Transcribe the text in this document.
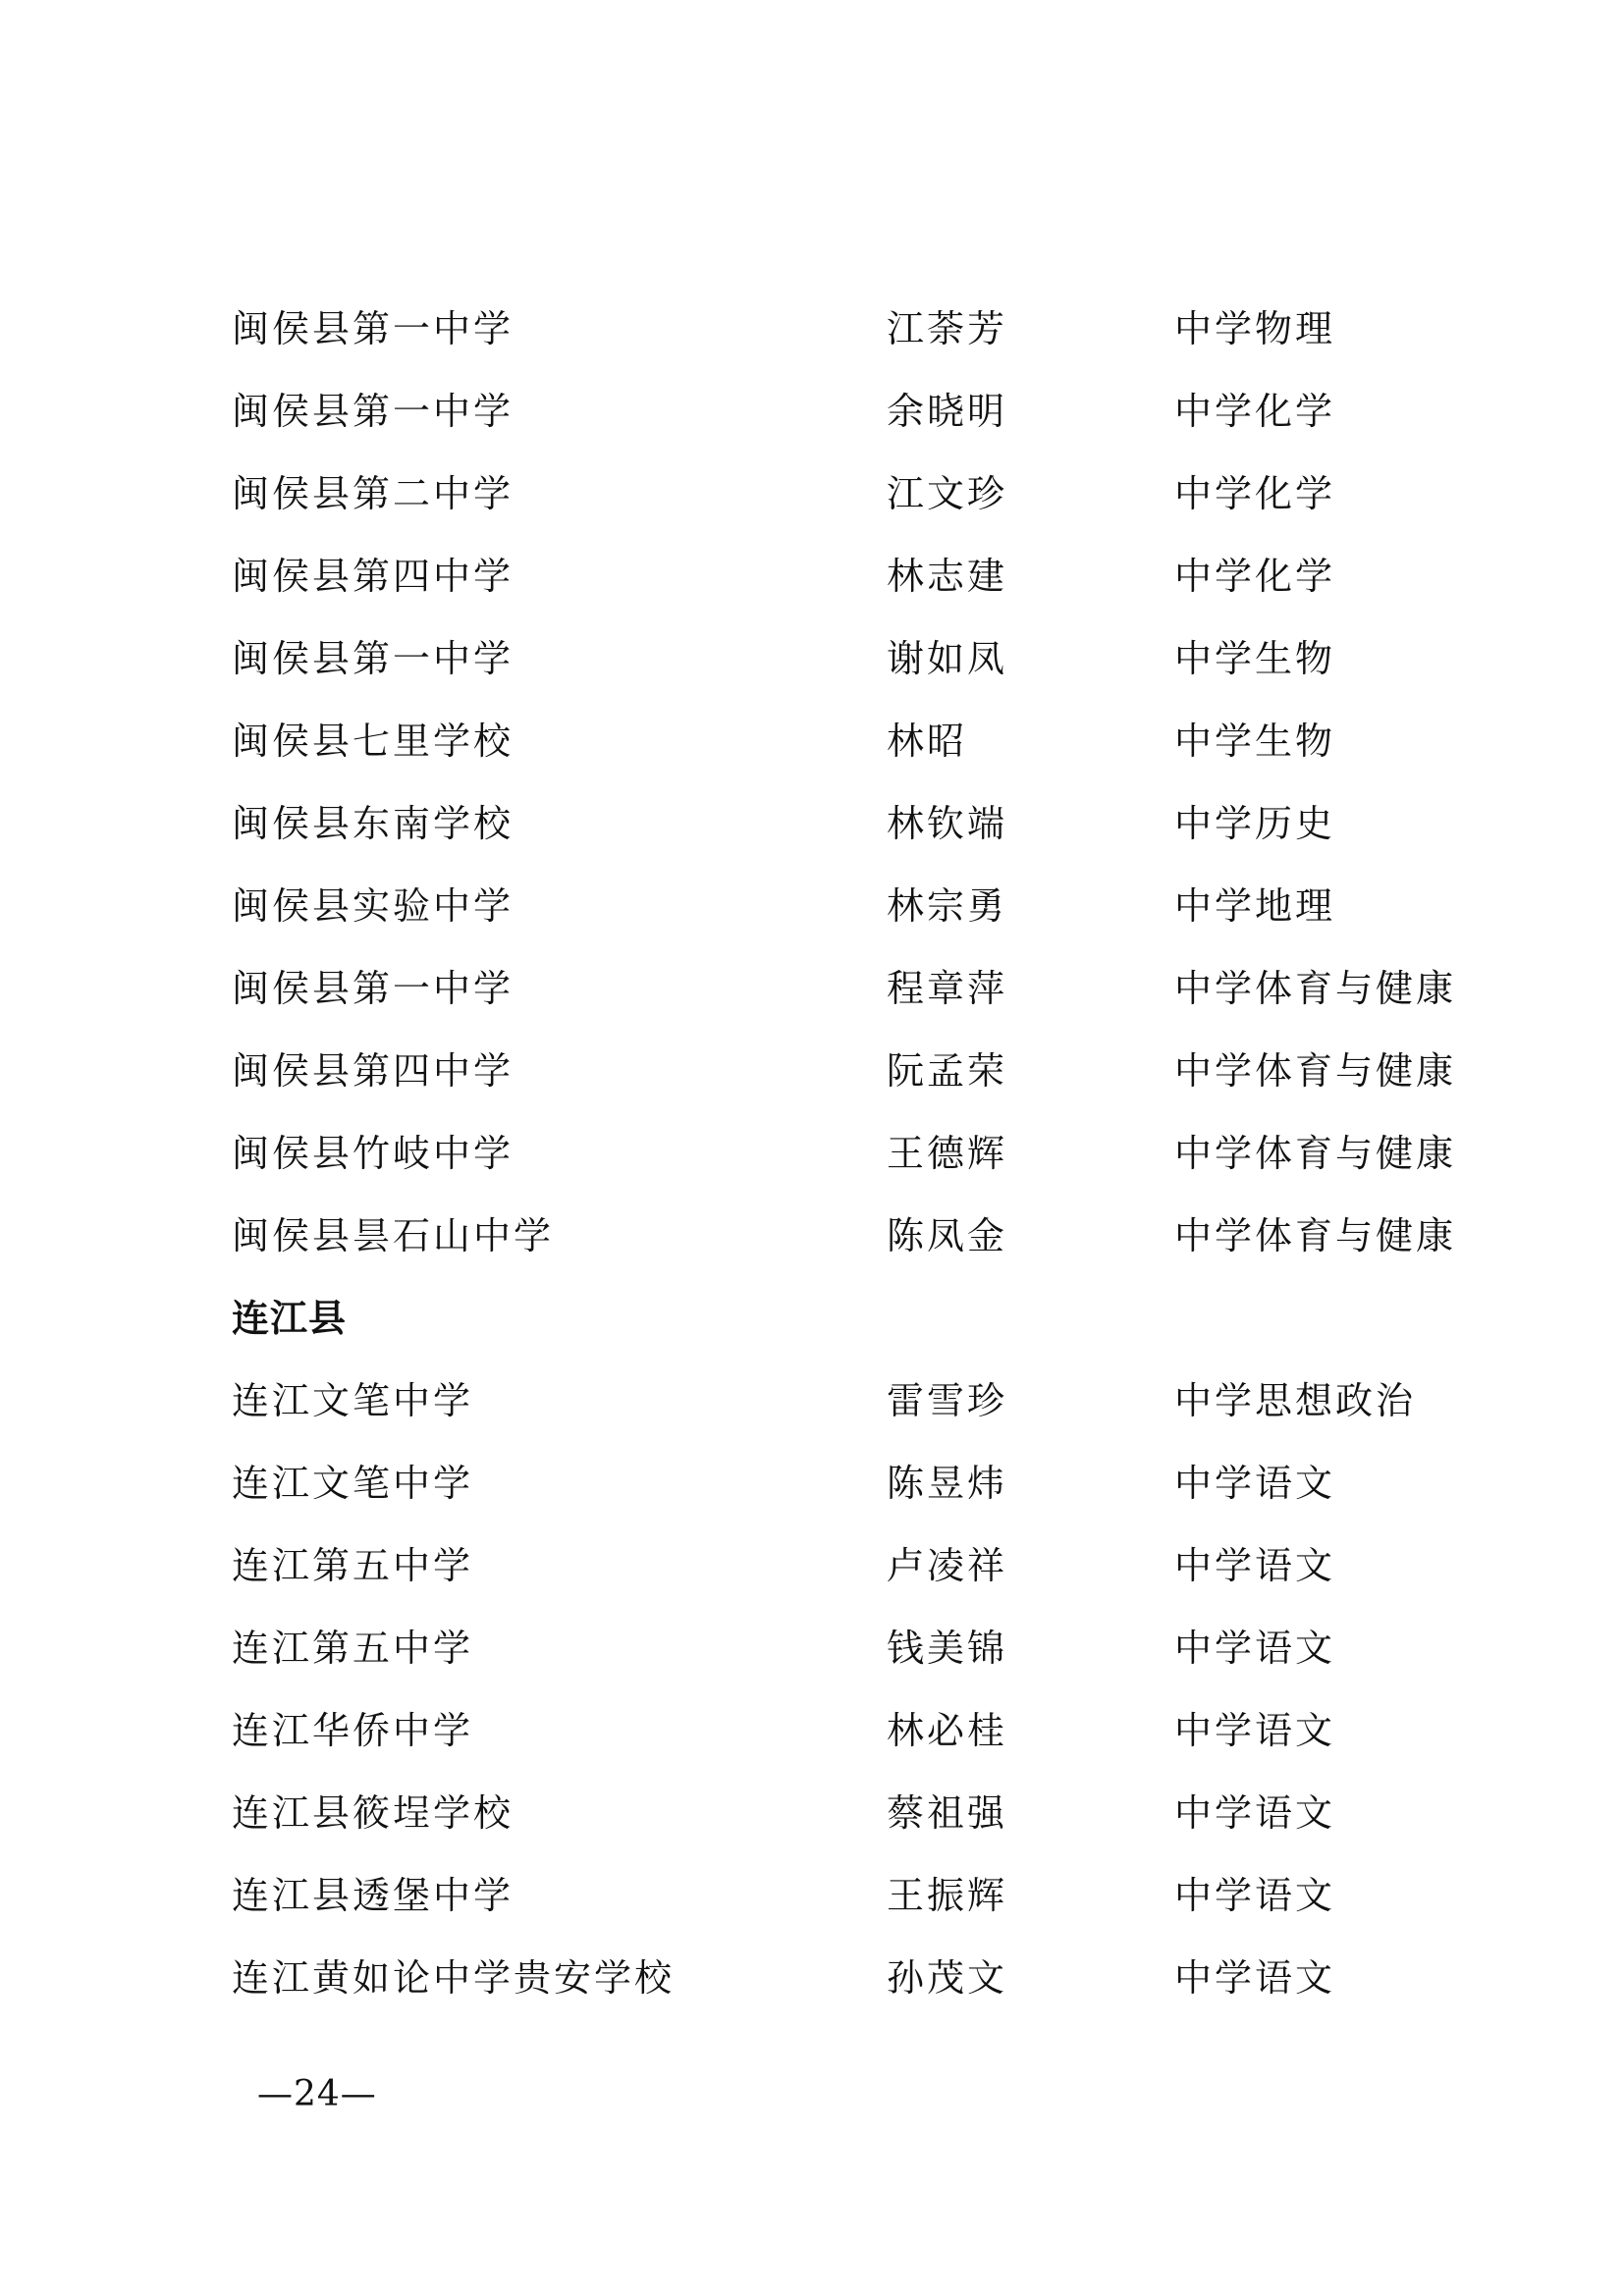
闽侯县第一中学	江荼芳	中学物理
闽侯县第一中学	余晓明	中学化学
闽侯县第二中学	江文珍	中学化学
闽侯县第四中学	林志建	中学化学
闽侯县第一中学	谢如凤	中学生物
闽侯县七里学校	林昭	中学生物
闽侯县东南学校	林钦端	中学历史
闽侯县实验中学	林宗勇	中学地理
闽侯县第一中学	程章萍	中学体育与健康
闽侯县第四中学	阮孟荣	中学体育与健康
闽侯县竹岐中学	王德辉	中学体育与健康
闽侯县昙石山中学	陈凤金	中学体育与健康
连江县
连江文笔中学	雷雪珍	中学思想政治
连江文笔中学	陈昱炜	中学语文
连江第五中学	卢凌祥	中学语文
连江第五中学	钱美锦	中学语文
连江华侨中学	林必桂	中学语文
连江县筱埕学校	蔡祖强	中学语文
连江县透堡中学	王振辉	中学语文
连江黄如论中学贵安学校	孙茂文	中学语文
—24—
